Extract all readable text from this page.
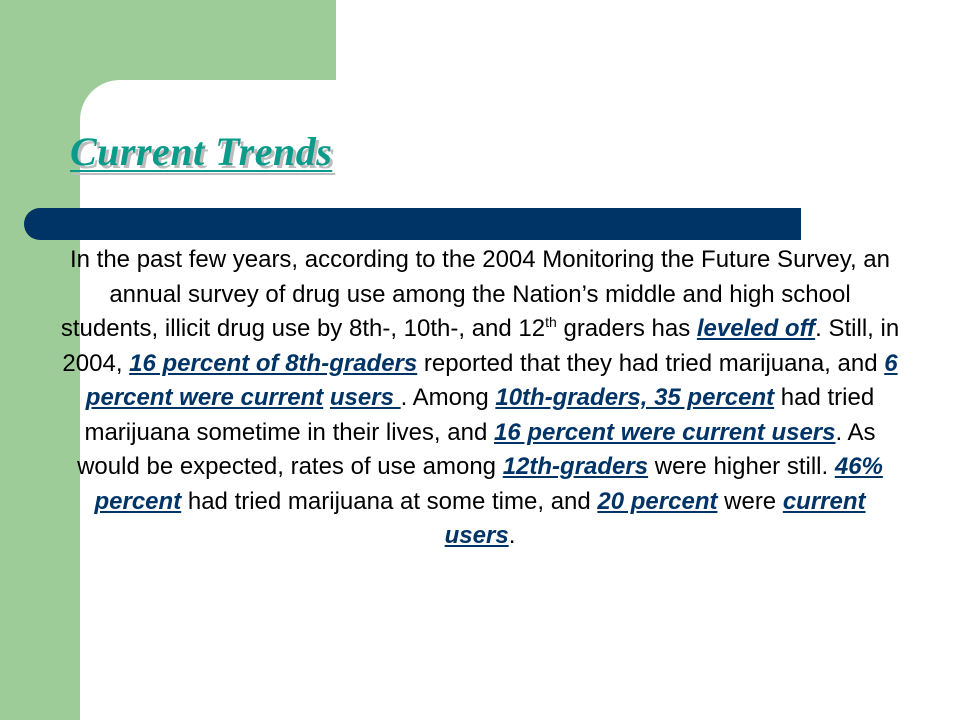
Current Trends
In the past few years, according to the 2004 Monitoring the Future Survey, an annual survey of drug use among the Nation’s middle and high school students, illicit drug use by 8th-, 10th-, and 12th graders has leveled off. Still, in 2004, 16 percent of 8th-graders reported that they had tried marijuana, and 6 percent were current users . Among 10th-graders, 35 percent had tried marijuana sometime in their lives, and 16 percent were current users. As would be expected, rates of use among 12th-graders were higher still. 46% percent had tried marijuana at some time, and 20 percent were current users.
